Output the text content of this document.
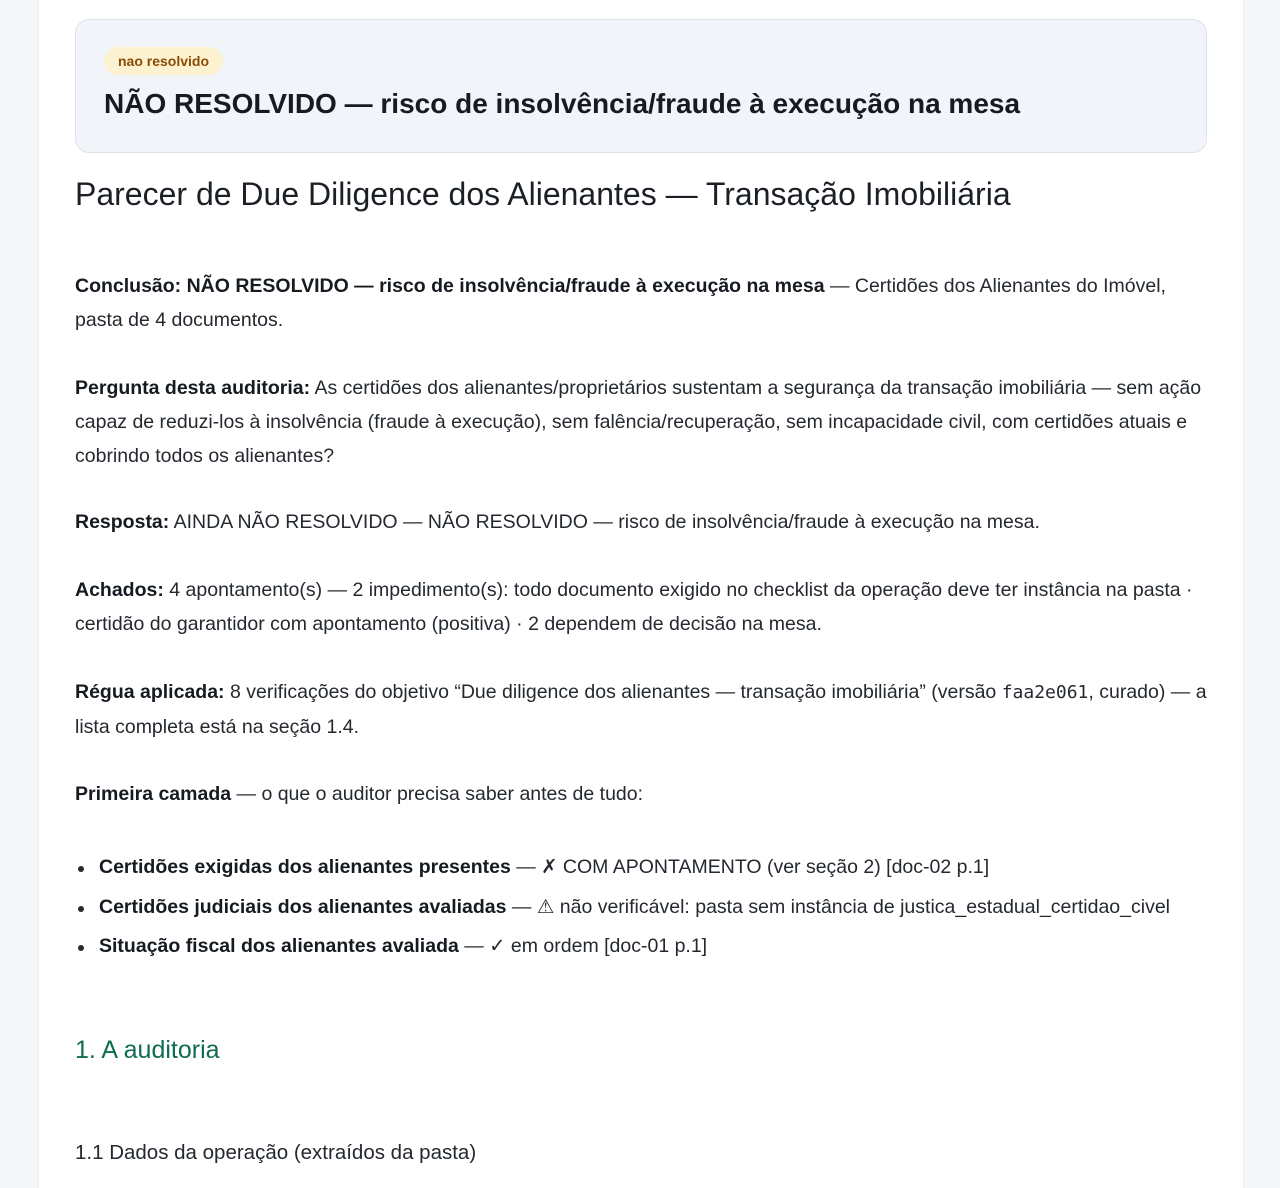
nao resolvido
NÃO RESOLVIDO — risco de insolvência/fraude à execução na mesa
Parecer de Due Diligence dos Alienantes — Transação Imobiliária

Conclusão: NÃO RESOLVIDO — risco de insolvência/fraude à execução na mesa — Certidões dos Alienantes do Imóvel, pasta de 4 documentos.

Pergunta desta auditoria: As certidões dos alienantes/proprietários sustentam a segurança da transação imobiliária — sem ação capaz de reduzi-los à insolvência (fraude à execução), sem falência/recuperação, sem incapacidade civil, com certidões atuais e cobrindo todos os alienantes?

Resposta: AINDA NÃO RESOLVIDO — NÃO RESOLVIDO — risco de insolvência/fraude à execução na mesa.

Achados: 4 apontamento(s) — 2 impedimento(s): todo documento exigido no checklist da operação deve ter instância na pasta · certidão do garantidor com apontamento (positiva) · 2 dependem de decisão na mesa.

Régua aplicada: 8 verificações do objetivo “Due diligence dos alienantes — transação imobiliária” (versão faa2e061, curado) — a lista completa está na seção 1.4.

Primeira camada — o que o auditor precisa saber antes de tudo:

Certidões exigidas dos alienantes presentes — ✗ COM APONTAMENTO (ver seção 2) [doc-02 p.1]
Certidões judiciais dos alienantes avaliadas — ⚠ não verificável: pasta sem instância de justica_estadual_certidao_civel
Situação fiscal dos alienantes avaliada — ✓ em ordem [doc-01 p.1]
1. A auditoria
1.1 Dados da operação (extraídos da pasta)
